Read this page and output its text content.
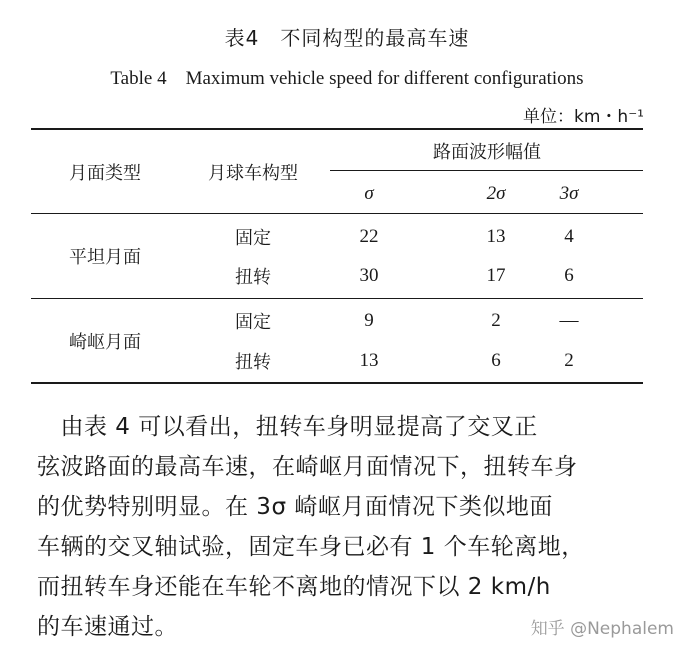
表4　不同构型的最高车速
Table 4　Maximum vehicle speed for different configurations
单位：km・h⁻¹
月面类型	月球车构型
路面波形幅值
σ	2σ	3σ
平坦月面
固定	22	13	4
扭转	30	17	6
崎岖月面
固定	9	2	—
扭转	13	6	2
　由表 4 可以看出，扭转车身明显提高了交叉正
弦波路面的最高车速，在崎岖月面情况下，扭转车身
的优势特别明显。在 3σ 崎岖月面情况下类似地面
车辆的交叉轴试验，固定车身已必有 1 个车轮离地，
而扭转车身还能在车轮不离地的情况下以 2 km/h
的车速通过。	知乎 @Nephalem
